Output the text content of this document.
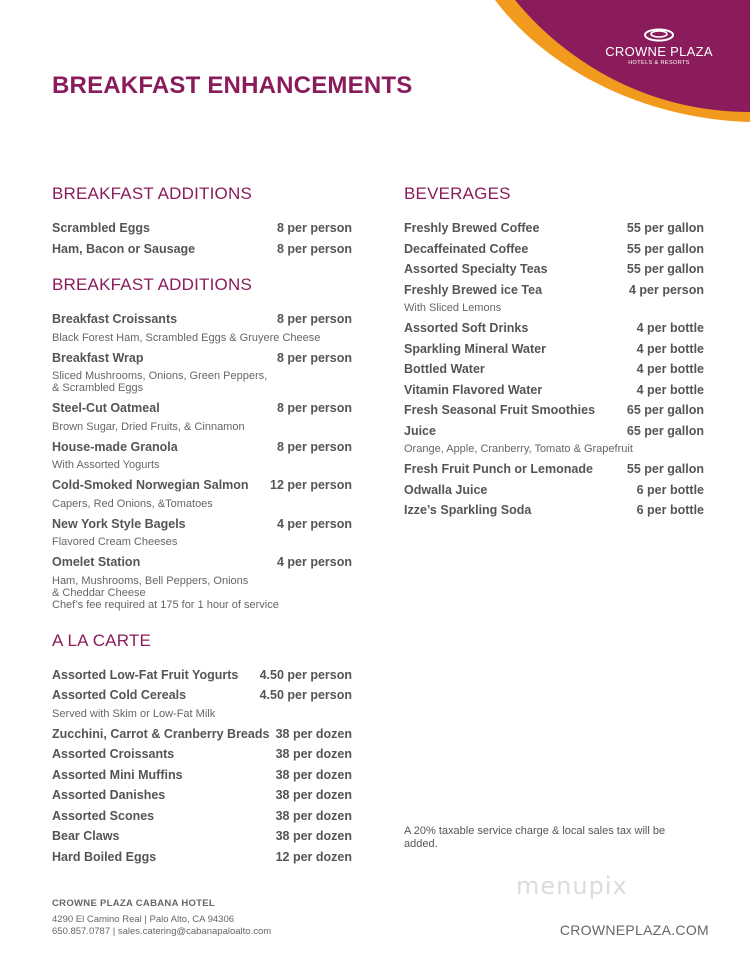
CROWNE PLAZA
HOTELS & RESORTS
BREAKFAST ENHANCEMENTS
BREAKFAST ADDITIONS
Scrambled Eggs	8 per person
Ham, Bacon or Sausage	8 per person
BREAKFAST ADDITIONS
Breakfast Croissants	8 per person
Black Forest Ham, Scrambled Eggs & Gruyere Cheese
Breakfast Wrap	8 per person
Sliced Mushrooms, Onions, Green Peppers,
& Scrambled Eggs
Steel-Cut Oatmeal	8 per person
Brown Sugar, Dried Fruits, & Cinnamon
House-made Granola	8 per person
With Assorted Yogurts
Cold-Smoked Norwegian Salmon 12 per person
Capers, Red Onions, &Tomatoes
New York Style Bagels	4 per person
Flavored Cream Cheeses
Omelet Station	4 per person
Ham, Mushrooms, Bell Peppers, Onions
& Cheddar Cheese
Chef’s fee required at 175 for 1 hour of service
A LA CARTE
Assorted Low-Fat Fruit Yogurts 4.50 per person
Assorted Cold Cereals	4.50 per person
Served with Skim or Low-Fat Milk
Zucchini, Carrot & Cranberry Breads 38 per dozen
Assorted Croissants	38 per dozen
Assorted Mini Muffins	38 per dozen
Assorted Danishes	38 per dozen
Assorted Scones	38 per dozen
Bear Claws	38 per dozen
Hard Boiled Eggs	12 per dozen
BEVERAGES
Freshly Brewed Coffee	55 per gallon
Decaffeinated Coffee	55 per gallon
Assorted Specialty Teas	55 per gallon
Freshly Brewed ice Tea	4 per person
With Sliced Lemons
Assorted Soft Drinks	4 per bottle
Sparkling Mineral Water	4 per bottle
Bottled Water	4 per bottle
Vitamin Flavored Water	4 per bottle
Fresh Seasonal Fruit Smoothies	65 per gallon
Juice	65 per gallon
Orange, Apple, Cranberry, Tomato & Grapefruit
Fresh Fruit Punch or Lemonade	55 per gallon
Odwalla Juice	6 per bottle
Izze’s Sparkling Soda	6 per bottle
A 20% taxable service charge & local sales tax will be added.
menupix
CROWNE PLAZA CABANA HOTEL
4290 El Camino Real | Palo Alto, CA 94306
650.857.0787 | sales.catering@cabanapaloalto.com	CROWNEPLAZA.COM
